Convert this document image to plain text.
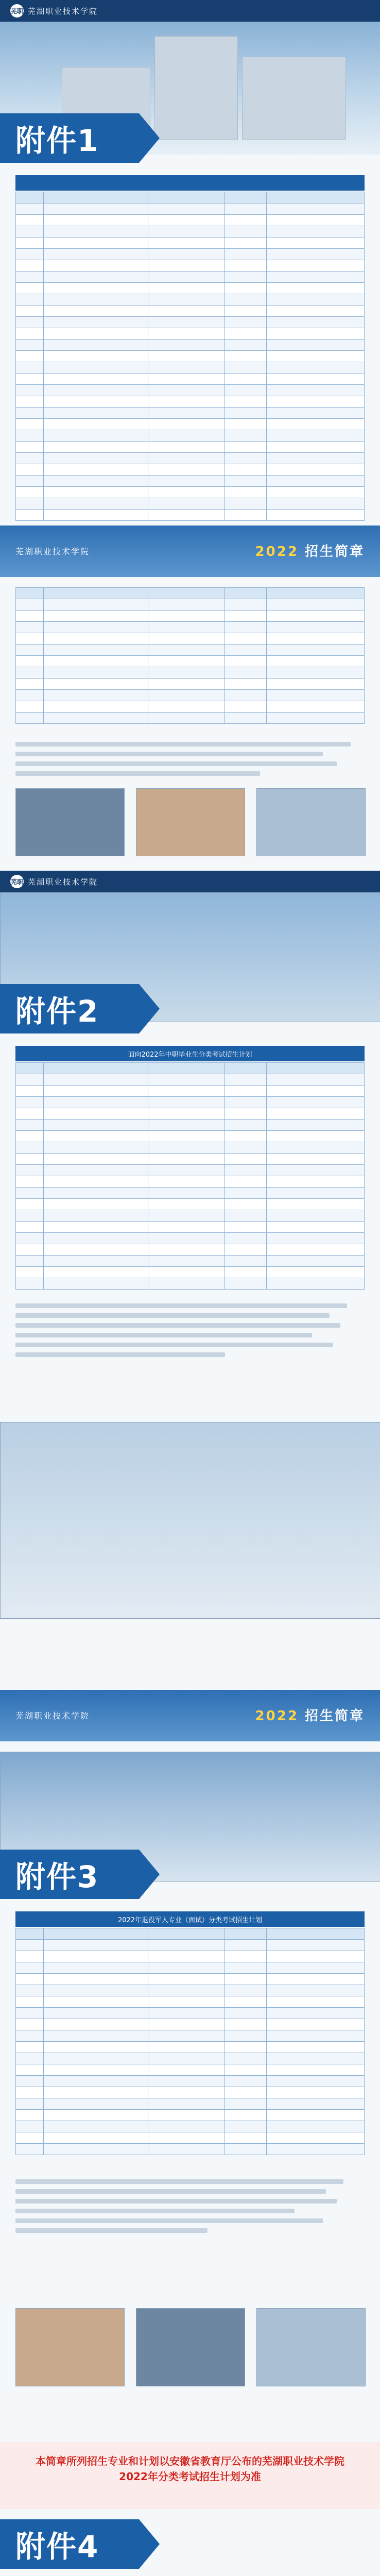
芜职 芜湖职业技术学院
附件1

芜湖职业技术学院	2022 招生简章

芜职 芜湖职业技术学院
附件2
面向2022年中职毕业生分类考试招生计划

芜湖职业技术学院	2022 招生简章
附件3
2022年退役军人专业（面试）分类考试招生计划

本简章所列招生专业和计划以安徽省教育厅公布的芜湖职业技术学院2022年分类考试招生计划为准
附件4
